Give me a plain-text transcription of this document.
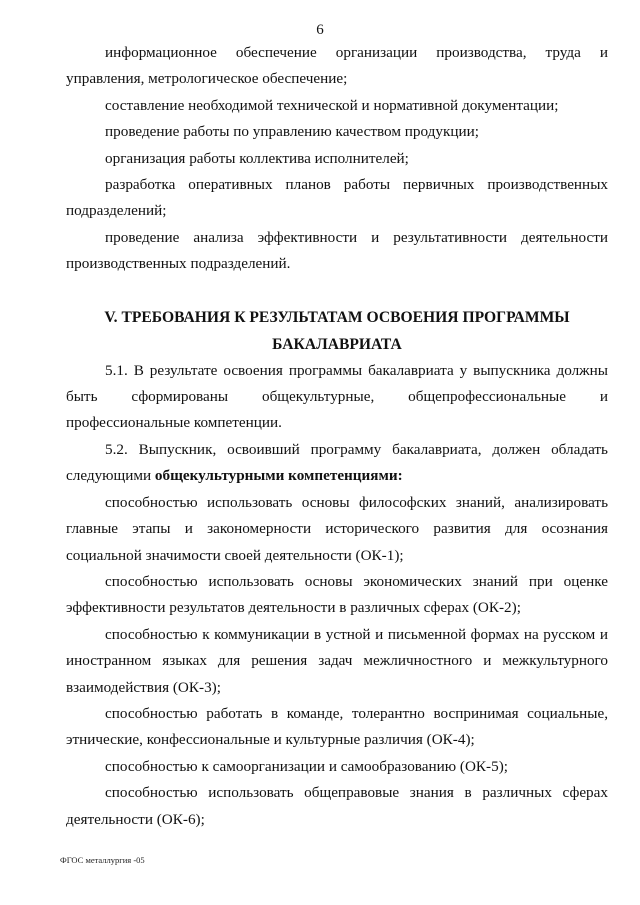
6

информационное обеспечение организации производства, труда и управления, метрологическое обеспечение;

составление необходимой технической и нормативной документации;

проведение работы по управлению качеством продукции;

организация работы коллектива исполнителей;

разработка оперативных планов работы первичных производственных подразделений;

проведение анализа эффективности и результативности деятельности производственных подразделений.

V. ТРЕБОВАНИЯ К РЕЗУЛЬТАТАМ ОСВОЕНИЯ ПРОГРАММЫ
БАКАЛАВРИАТА

5.1. В результате освоения программы бакалавриата у выпускника должны быть сформированы общекультурные, общепрофессиональные и профессиональные компетенции.

5.2. Выпускник, освоивший программу бакалавриата, должен обладать следующими общекультурными компетенциями:

способностью использовать основы философских знаний, анализировать главные этапы и закономерности исторического развития для осознания социальной значимости своей деятельности (ОК-1);

способностью использовать основы экономических знаний при оценке эффективности результатов деятельности в различных сферах (ОК-2);

способностью к коммуникации в устной и письменной формах на русском и иностранном языках для решения задач межличностного и межкультурного взаимодействия (ОК-3);

способностью работать в команде, толерантно воспринимая социальные, этнические, конфессиональные и культурные различия (ОК-4);

способностью к самоорганизации и самообразованию (ОК-5);

способностью использовать общеправовые знания в различных сферах деятельности (ОК-6);

ФГОС металлургия -05
